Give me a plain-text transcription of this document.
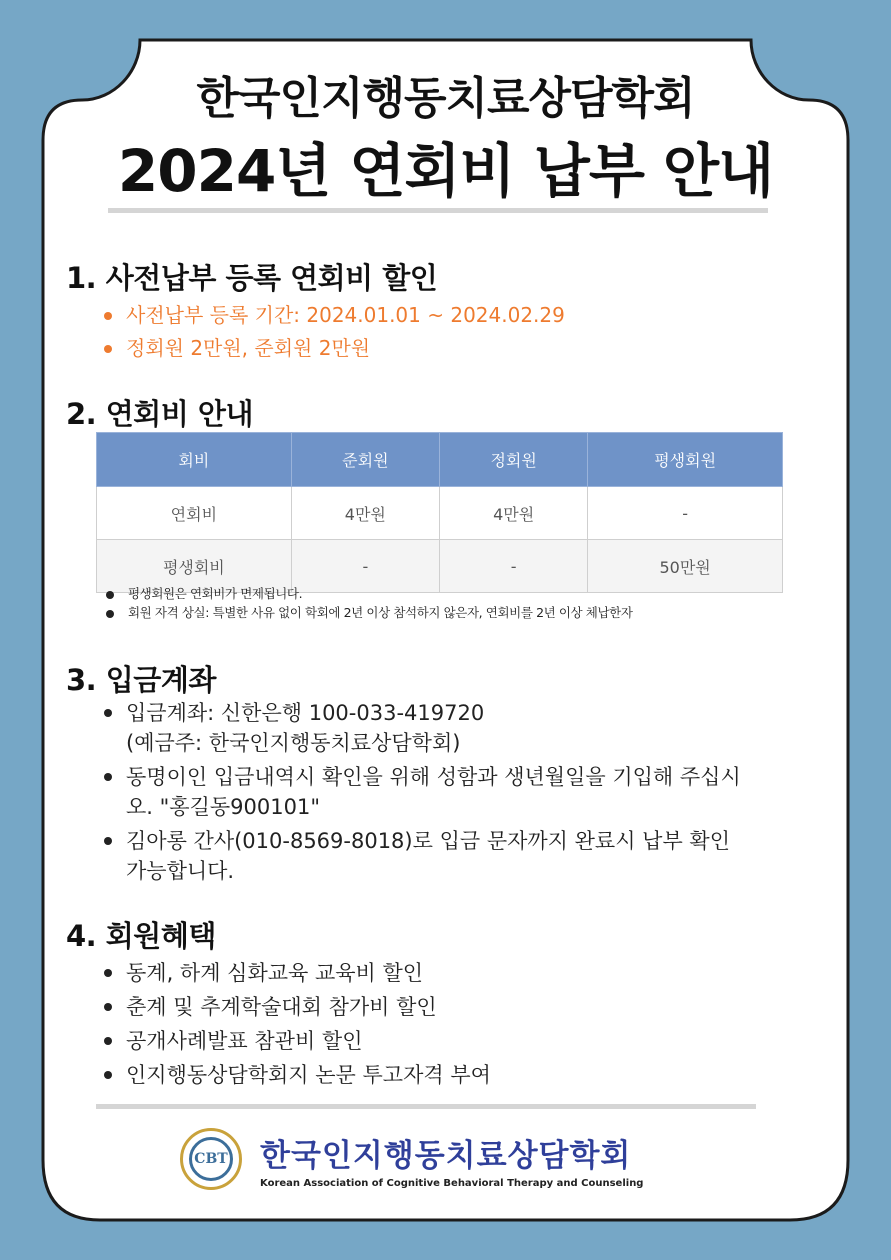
한국인지행동치료상담학회
2024년 연회비 납부 안내
1. 사전납부 등록 연회비 할인
사전납부 등록 기간: 2024.01.01 ~ 2024.02.29
정회원 2만원, 준회원 2만원
2. 연회비 안내
회비	준회원	정회원	평생회원
연회비	4만원	4만원	-
평생회비	-	-	50만원
평생회원은 연회비가 면제됩니다.
회원 자격 상실: 특별한 사유 없이 학회에 2년 이상 참석하지 않은자, 연회비를 2년 이상 체납한자
3. 입금계좌
입금계좌: 신한은행 100-033-419720
(예금주: 한국인지행동치료상담학회)
동명이인 입금내역시 확인을 위해 성함과 생년월일을 기입해 주십시
오. "홍길동900101"
김아롱 간사(010-8569-8018)로 입금 문자까지 완료시 납부 확인
가능합니다.
4. 회원혜택
동계, 하계 심화교육 교육비 할인
춘계 및 추계학술대회 참가비 할인
공개사례발표 참관비 할인
인지행동상담학회지 논문 투고자격 부여
CBT 한국인지행동치료상담학회
Korean Association of Cognitive Behavioral Therapy and Counseling
